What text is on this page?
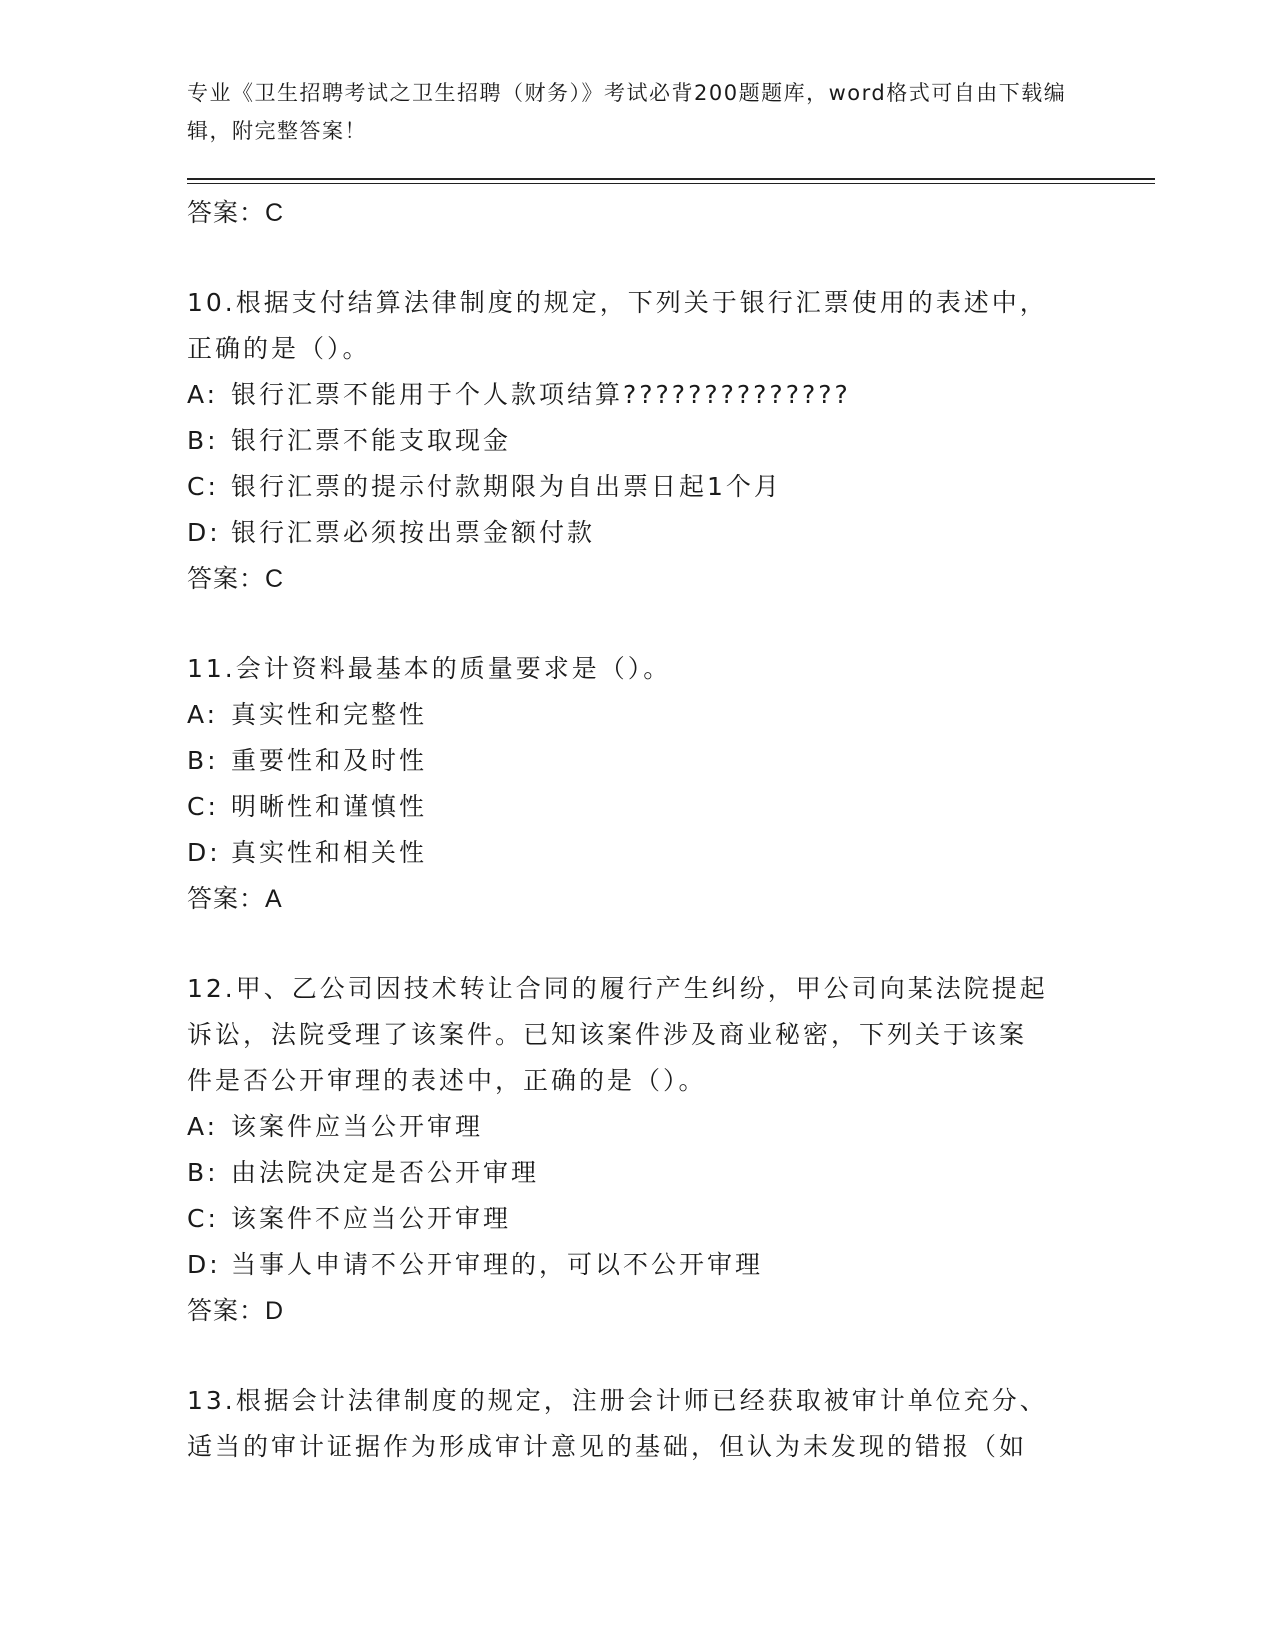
专业《卫生招聘考试之卫生招聘（财务）》考试必背200题题库，word格式可自由下载编辑，附完整答案！
答案：C
10.根据支付结算法律制度的规定，下列关于银行汇票使用的表述中，
正确的是（）。
A: 银行汇票不能用于个人款项结算??????????????
B: 银行汇票不能支取现金
C: 银行汇票的提示付款期限为自出票日起1个月
D: 银行汇票必须按出票金额付款
答案：C
11.会计资料最基本的质量要求是（）。
A: 真实性和完整性
B: 重要性和及时性
C: 明晰性和谨慎性
D: 真实性和相关性
答案：A
12.甲、乙公司因技术转让合同的履行产生纠纷，甲公司向某法院提起
诉讼，法院受理了该案件。已知该案件涉及商业秘密，下列关于该案
件是否公开审理的表述中，正确的是（）。
A: 该案件应当公开审理
B: 由法院决定是否公开审理
C: 该案件不应当公开审理
D: 当事人申请不公开审理的，可以不公开审理
答案：D
13.根据会计法律制度的规定，注册会计师已经获取被审计单位充分、
适当的审计证据作为形成审计意见的基础，但认为未发现的错报（如
